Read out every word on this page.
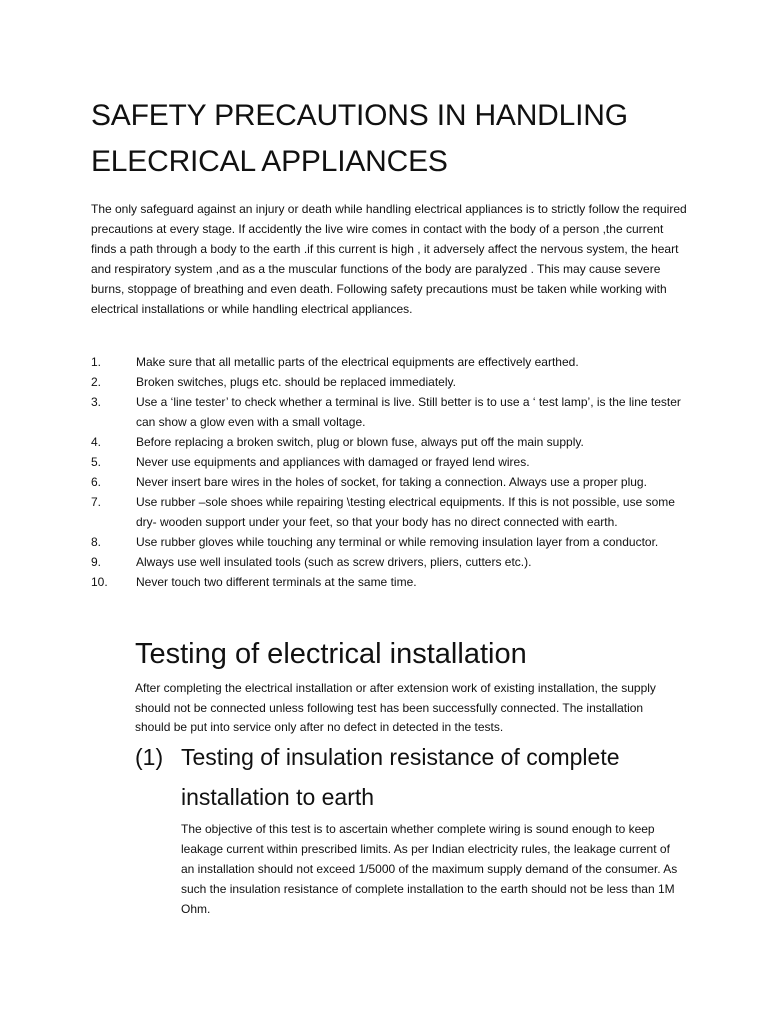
SAFETY PRECAUTIONS IN HANDLING ELECRICAL APPLIANCES

The only safeguard against an injury or death while handling electrical appliances is to strictly follow the required precautions at every stage. If accidently the live wire comes in contact with the body of a person ,the current finds a path through a body to the earth .if this current is high , it adversely affect the nervous system, the heart and respiratory system ,and as a the muscular functions of the body are paralyzed . This may cause severe burns, stoppage of breathing and even death. Following safety precautions must be taken while working with electrical installations or while handling electrical appliances.

1.	Make sure that all metallic parts of the electrical equipments are effectively earthed.
2.	Broken switches, plugs etc. should be replaced immediately.
3.	Use a ‘line tester’ to check whether a terminal is live. Still better is to use a ‘ test lamp’, is the line tester can show a glow even with a small voltage.
4.	Before replacing a broken switch, plug or blown fuse, always put off the main supply.
5.	Never use equipments and appliances with damaged or frayed lend wires.
6.	Never insert bare wires in the holes of socket, for taking a connection. Always use a proper plug.
7.	Use rubber –sole shoes while repairing \testing electrical equipments. If this is not possible, use some dry- wooden support under your feet, so that your body has no direct connected with earth.
8.	Use rubber gloves while touching any terminal or while removing insulation layer from a conductor.
9.	Always use well insulated tools (such as screw drivers, pliers, cutters etc.).
10.	Never touch two different terminals at the same time.
Testing of electrical installation

After completing the electrical installation or after extension work of existing installation, the supply should not be connected unless following test has been successfully connected. The installation should be put into service only after no defect in detected in the tests.

(1) Testing of insulation resistance of complete installation to earth

The objective of this test is to ascertain whether complete wiring is sound enough to keep leakage current within prescribed limits. As per Indian electricity rules, the leakage current of an installation should not exceed 1/5000 of the maximum supply demand of the consumer. As such the insulation resistance of complete installation to the earth should not be less than 1M Ohm.
